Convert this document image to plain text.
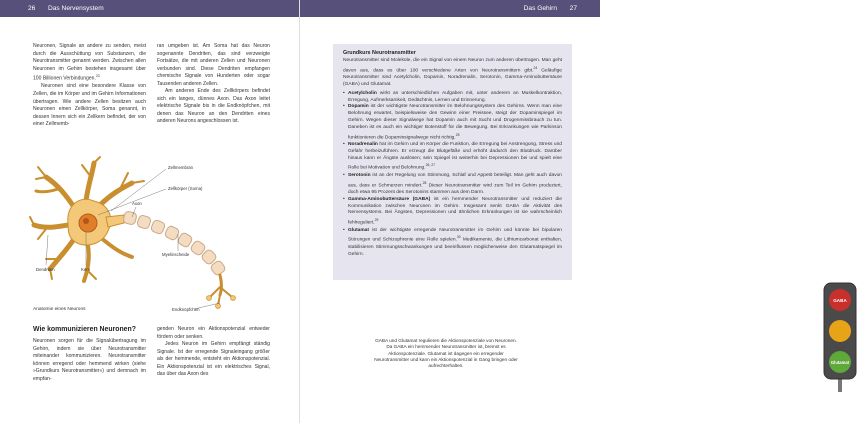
26 Das Nervensystem

Neuronen, Signale an andere zu senden, meist durch die Ausschüttung von Substanzen, die Neurotransmitter genannt werden. Zwischen allen Neuronen im Gehirn bestehen insgesamt über 100 Billionen Verbindungen.$^{23}$

Neuronen sind eine besondere Klasse von Zellen, die im Körper und im Gehirn Informationen übertragen. Wie andere Zellen besitzen auch Neuronen einen Zellkörper, Soma genannt, in dessen Innern sich ein Zellkern befindet, der von einer Zellmemb-

ran umgeben ist. Am Soma hat das Neuron sogenannte Dendriten, das sind verzweigte Fortsätze, die mit anderen Zellen und Neuronen verbunden sind. Diese Dendriten empfangen chemische Signale von Hunderten oder sogar Tausenden anderen Zellen.

Am anderen Ende des Zellkörpers befindet sich ein langes, dünnes Axon. Das Axon leitet elektrische Signale bis in die Endknöpfchen, mit denen das Neuron an den Dendriten eines anderen Neurons angeschlossen ist.

Zellmembran
Zellkörper (Soma)
Axon
Myelinscheide
Dendriten	Kern
Endknöpfchen
Anatomie eines Neurons
Wie kommunizieren Neuronen?

Neuronen sorgen für die Signalübertragung im Gehirn, indem sie über Neurotransmitter miteinander kommunizieren. Neurotransmitter können erregend oder hemmend wirken (siehe »Grundkurs Neurotransmitter«) und demnach im empfan-

genden Neuron ein Aktionspotenzial entweder fördern oder senken.

Jedes Neuron im Gehirn empfängt ständig Signale. Ist der erregende Signaleingang größer als der hemmende, entsteht ein Aktionspotenzial. Ein Aktionspotenzial ist ein elektrisches Signal, das über das Axon des

Das Gehirn 27
Grundkurs Neurotransmitter

Neurotransmitter sind Moleküle, die ein Signal von einem Neuron zum anderen übertragen. Man geht davon aus, dass es über 100 verschiedene Arten von Neurotransmittern gibt.$^{24}$ Geläufige Neurotransmitter sind Acetylcholin, Dopamin, Noradrenalin, Serotonin, Gamma-Aminobuttersäure (GABA) und Glutamat.

• Acetylcholin wirkt an unterschiedlichen Aufgaben mit, unter anderem an Muskelkontraktion, Erregung, Aufmerksamkeit, Gedächtnis, Lernen und Erinnerung.
• Dopamin ist der wichtigste Neurotransmitter im Belohnungssystem des Gehirns. Wenn man eine Belohnung erwartet, beispielsweise den Gewinn einer Preissee, steigt der Dopaminspiegel im Gehirn. Wegen dieser Signalwege hat Dopamin auch mit Sucht und Drogenmissbrauch zu tun. Daneben ist es auch ein wichtiger Botenstoff für die Bewegung. Bei Erkrankungen wie Parkinson funktionieren die Dopaminsignalwege nicht richtig.$^{25}$
• Noradrenalin hat im Gehirn und im Körper die Funktion, die Erregung bei Anstrengung, Stress und Gefahr herbeizuführen. Er erzeugt die Blutgefäße und erhöht dadurch den Blutdruck. Darüber hinaus kann er Ängste auslösen; sein Spiegel ist weiterhin bei Depressionen bei und spielt eine Rolle bei Motivation und Belohnung.$^{26, 27}$
• Serotonin ist an der Regelung von Stimmung, Schlaf und Appetit beteiligt. Man geht auch davon aus, dass er Schmerzen mindert.$^{28}$ Dieser Neurotransmitter wird zum Teil im Gehirn produziert, doch etwa 95 Prozent des Serotonins stammen aus dem Darm.
• Gamma-Aminobuttersäure (GABA) ist ein hemmender Neurotransmitter und reduziert die Kommunikation zwischen Neuronen im Gehirn. Insgesamt senkt GABA die Aktivität des Nervensystems. Bei Ängsten, Depressionen und ähnlichen Erkrankungen ist sie wahrscheinlich fehlreguliert.$^{29}$
• Glutamat ist der wichtigste erregende Neurotransmitter im Gehirn und könnte bei bipolaren Störungen und Schizophrenie eine Rolle spielen.$^{30}$ Medikamente, die Lithiumcarbonat enthalten, stabilisieren Stimmungsschwankungen und beeinflussen möglicherweise den Glutamatspiegel im Gehirn.
GABA
Glutamat
GABA und Glutamat regulieren die Aktionspotenziale von Neuronen. Da GABA ein hemmender Neurotransmitter ist, bremst es Aktionspotenziale. Glutamat ist dagegen ein erregender Neurotransmitter und kann ein Aktionspotenzial in Gang bringen oder aufrechterhalten.
